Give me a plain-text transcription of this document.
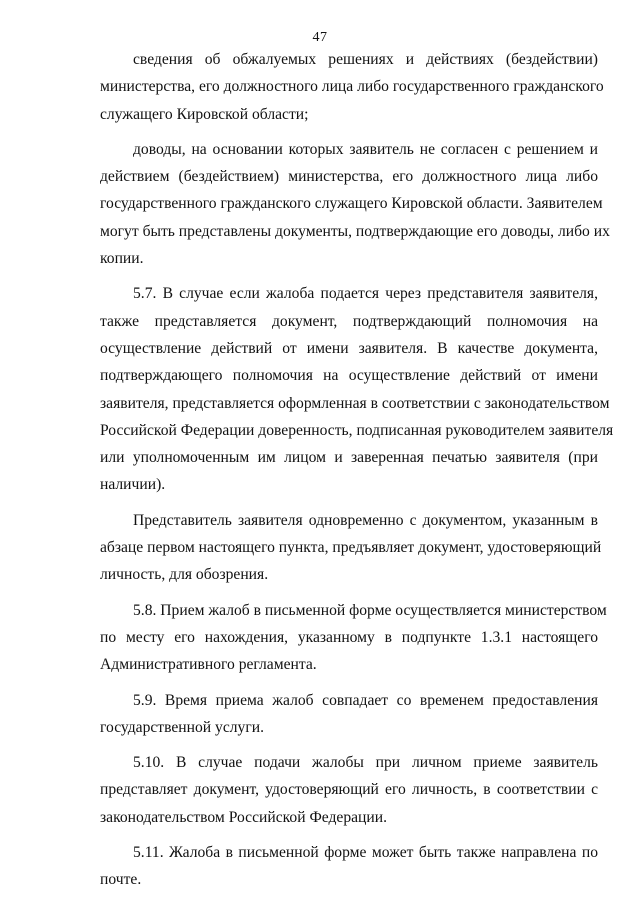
47

сведения об обжалуемых решениях и действиях (бездействии)
министерства, его должностного лица либо государственного гражданского
служащего Кировской области;

доводы, на основании которых заявитель не согласен с решением и
действием (бездействием) министерства, его должностного лица либо
государственного гражданского служащего Кировской области. Заявителем
могут быть представлены документы, подтверждающие его доводы, либо их
копии.

5.7. В случае если жалоба подается через представителя заявителя,
также представляется документ, подтверждающий полномочия на
осуществление действий от имени заявителя. В качестве документа,
подтверждающего полномочия на осуществление действий от имени
заявителя, представляется оформленная в соответствии с законодательством
Российской Федерации доверенность, подписанная руководителем заявителя
или уполномоченным им лицом и заверенная печатью заявителя (при
наличии).

Представитель заявителя одновременно с документом, указанным в
абзаце первом настоящего пункта, предъявляет документ, удостоверяющий
личность, для обозрения.

5.8. Прием жалоб в письменной форме осуществляется министерством
по месту его нахождения, указанному в подпункте 1.3.1 настоящего
Административного регламента.

5.9. Время приема жалоб совпадает со временем предоставления
государственной услуги.

5.10. В случае подачи жалобы при личном приеме заявитель
представляет документ, удостоверяющий его личность, в соответствии с
законодательством Российской Федерации.

5.11. Жалоба в письменной форме может быть также направлена по
почте.
